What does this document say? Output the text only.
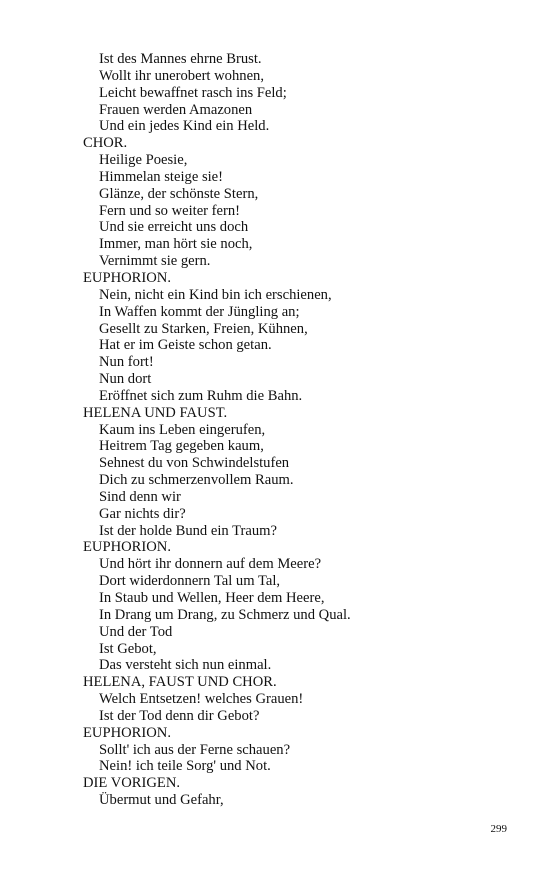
Ist des Mannes ehrne Brust.
Wollt ihr unerobert wohnen,
Leicht bewaffnet rasch ins Feld;
Frauen werden Amazonen
Und ein jedes Kind ein Held.
CHOR.
Heilige Poesie,
Himmelan steige sie!
Glänze, der schönste Stern,
Fern und so weiter fern!
Und sie erreicht uns doch
Immer, man hört sie noch,
Vernimmt sie gern.
EUPHORION.
Nein, nicht ein Kind bin ich erschienen,
In Waffen kommt der Jüngling an;
Gesellt zu Starken, Freien, Kühnen,
Hat er im Geiste schon getan.
Nun fort!
Nun dort
Eröffnet sich zum Ruhm die Bahn.
HELENA UND FAUST.
Kaum ins Leben eingerufen,
Heitrem Tag gegeben kaum,
Sehnest du von Schwindelstufen
Dich zu schmerzenvollem Raum.
Sind denn wir
Gar nichts dir?
Ist der holde Bund ein Traum?
EUPHORION.
Und hört ihr donnern auf dem Meere?
Dort widerdonnern Tal um Tal,
In Staub und Wellen, Heer dem Heere,
In Drang um Drang, zu Schmerz und Qual.
Und der Tod
Ist Gebot,
Das versteht sich nun einmal.
HELENA, FAUST UND CHOR.
Welch Entsetzen! welches Grauen!
Ist der Tod denn dir Gebot?
EUPHORION.
Sollt' ich aus der Ferne schauen?
Nein! ich teile Sorg' und Not.
DIE VORIGEN.
Übermut und Gefahr,
299
